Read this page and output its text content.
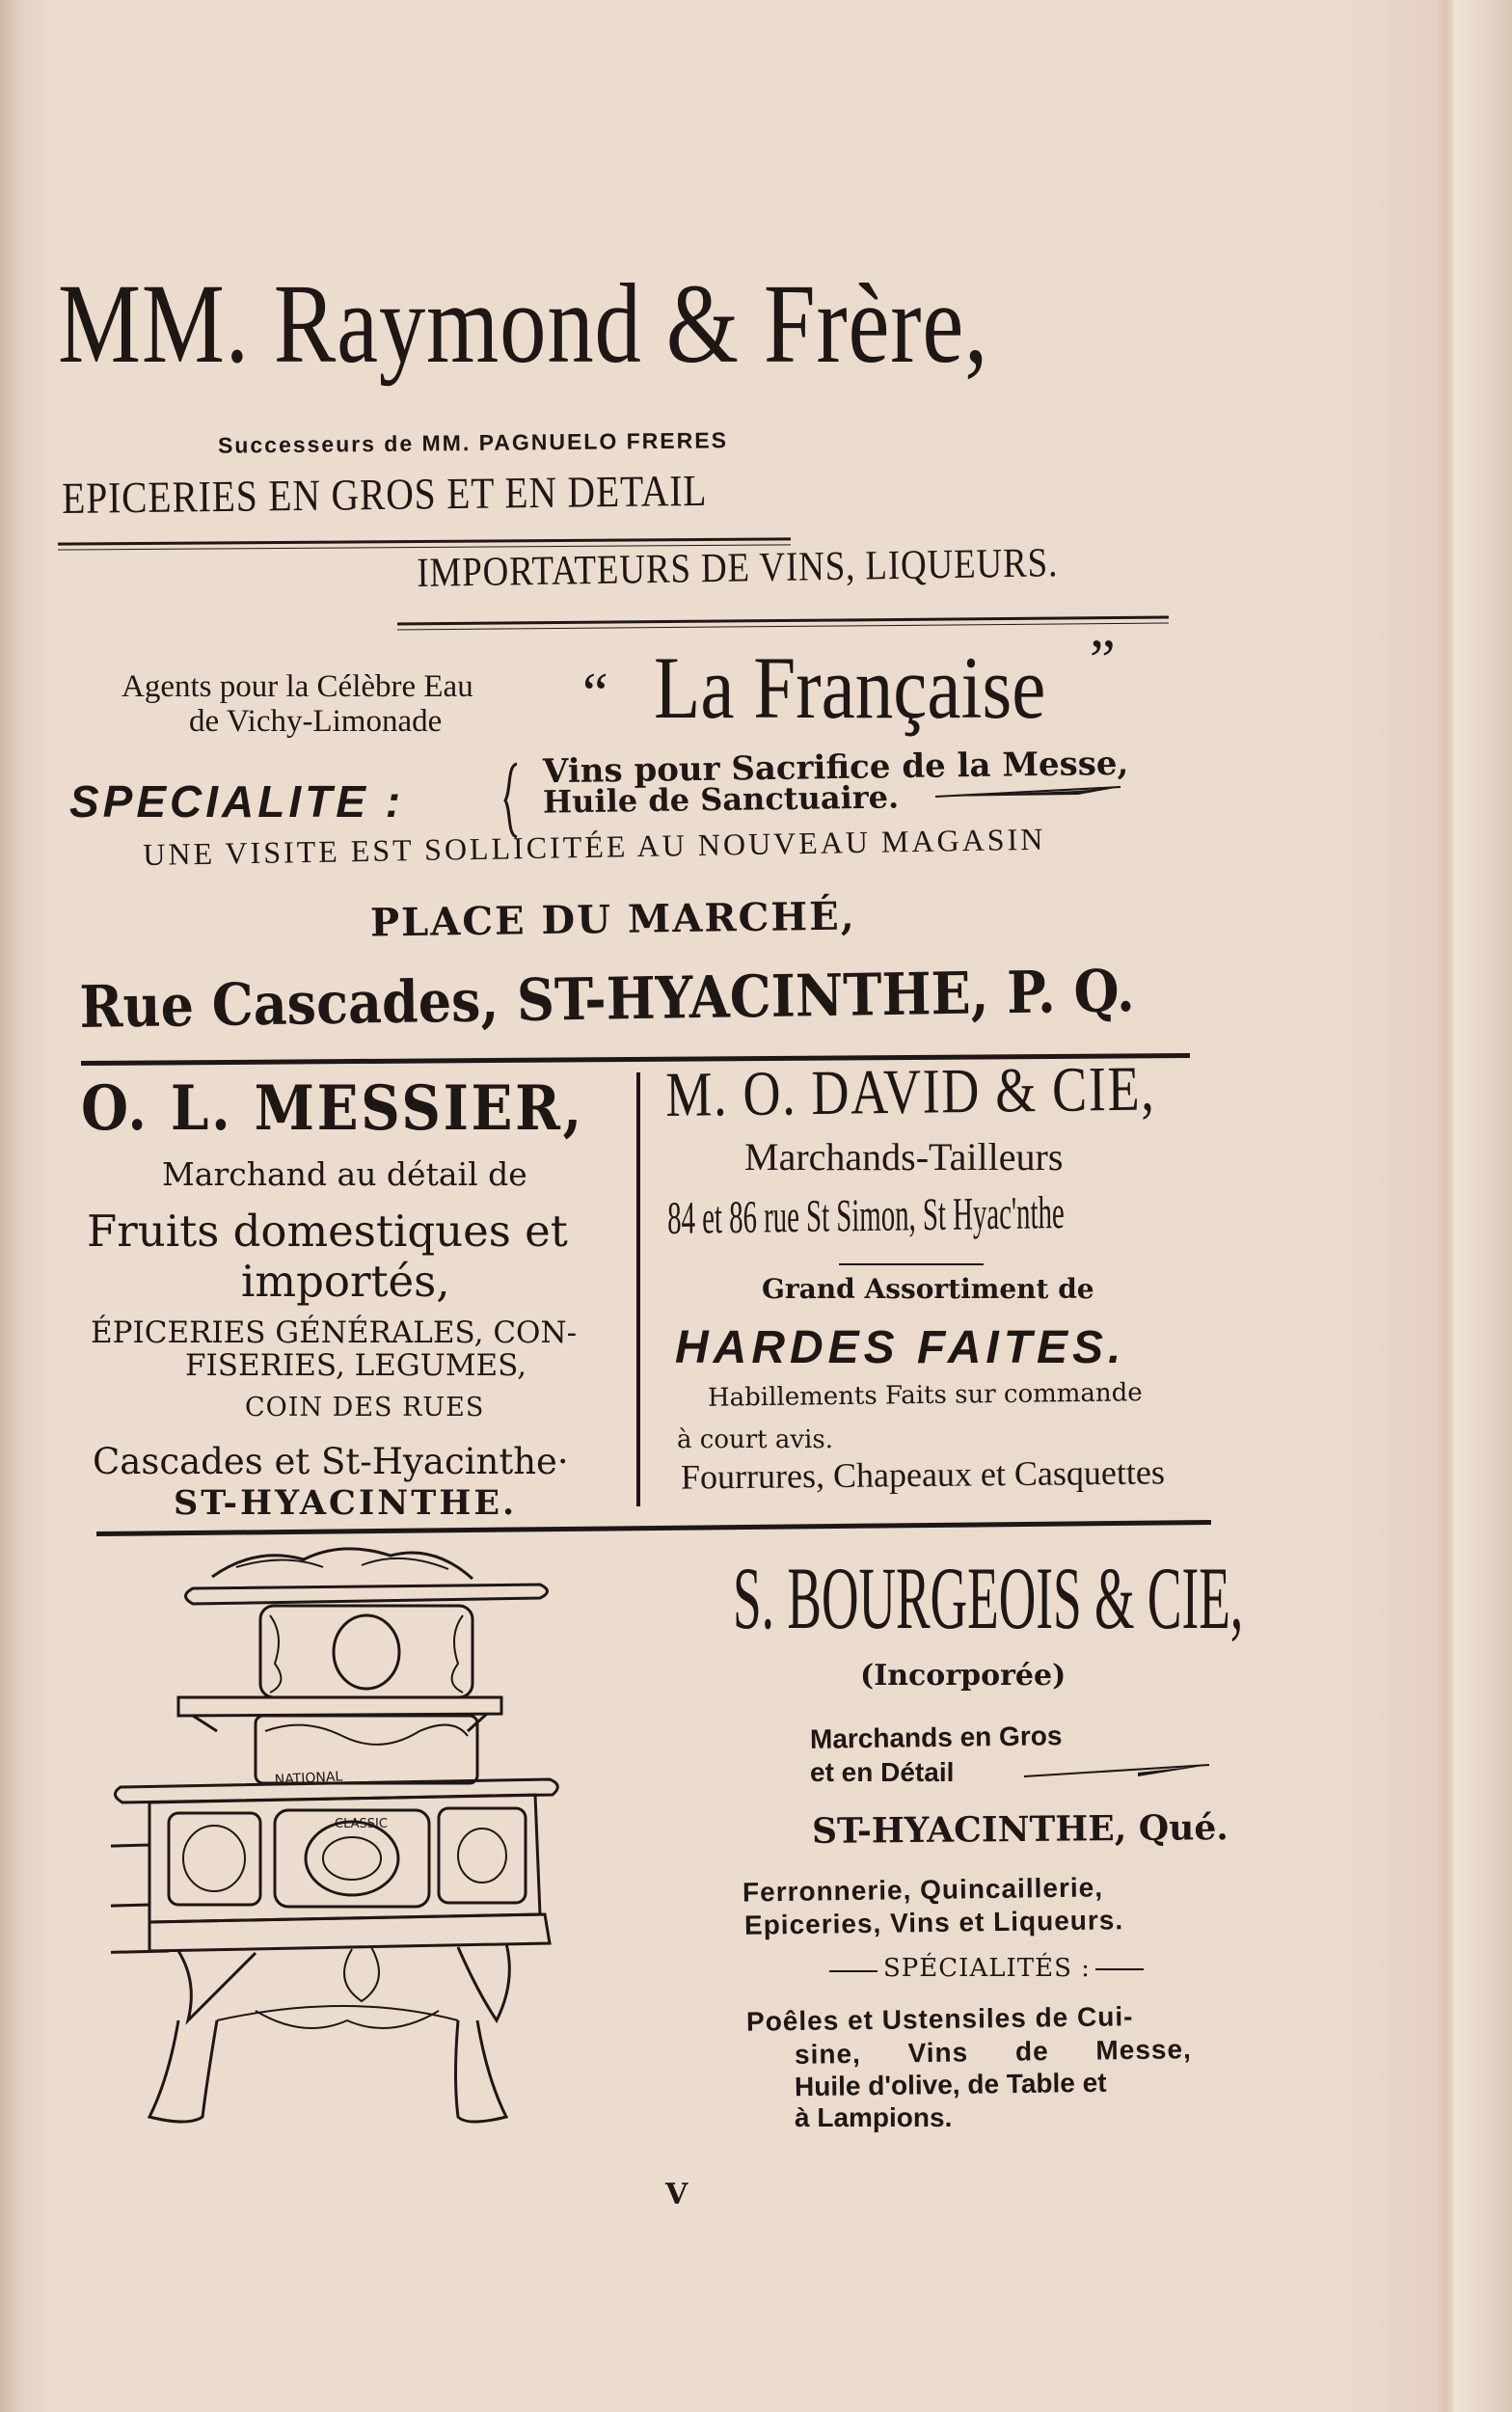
MM. Raymond & Frère,
Successeurs de MM. PAGNUELO FRERES
EPICERIES EN GROS ET EN DETAIL
IMPORTATEURS DE VINS, LIQUEURS.
Agents pour la Célèbre Eau
de Vichy-Limonade “ La Française ”
SPECIALITE :
Vins pour Sacrifice de la Messe,
Huile de Sanctuaire.
UNE VISITE EST SOLLICITÉE AU NOUVEAU MAGASIN
PLACE DU MARCHÉ,
Rue Cascades, ST-HYACINTHE, P. Q.
O. L. MESSIER,
Marchand au détail de
Fruits domestiques et
importés,
ÉPICERIES GÉNÉRALES, CON-
FISERIES, LEGUMES,
COIN DES RUES
Cascades et St-Hyacinthe·
ST-HYACINTHE.
M. O. DAVID & CIE,
Marchands-Tailleurs
84 et 86 rue St Simon, St Hyac'nthe
Grand Assortiment de
HARDES FAITES.
Habillements Faits sur commande
à court avis.
Fourrures, Chapeaux et Casquettes
NATIONAL
CLASSIC
S. BOURGEOIS & CIE,
(Incorporée)
Marchands en Gros
et en Détail
ST-HYACINTHE, Qué.
Ferronnerie, Quincaillerie,
Epiceries, Vins et Liqueurs.
SPÉCIALITÉS :
Poêles et Ustensiles de Cui-
sine, Vins de Messe,
Huile d'olive, de Table et
à Lampions.
V
